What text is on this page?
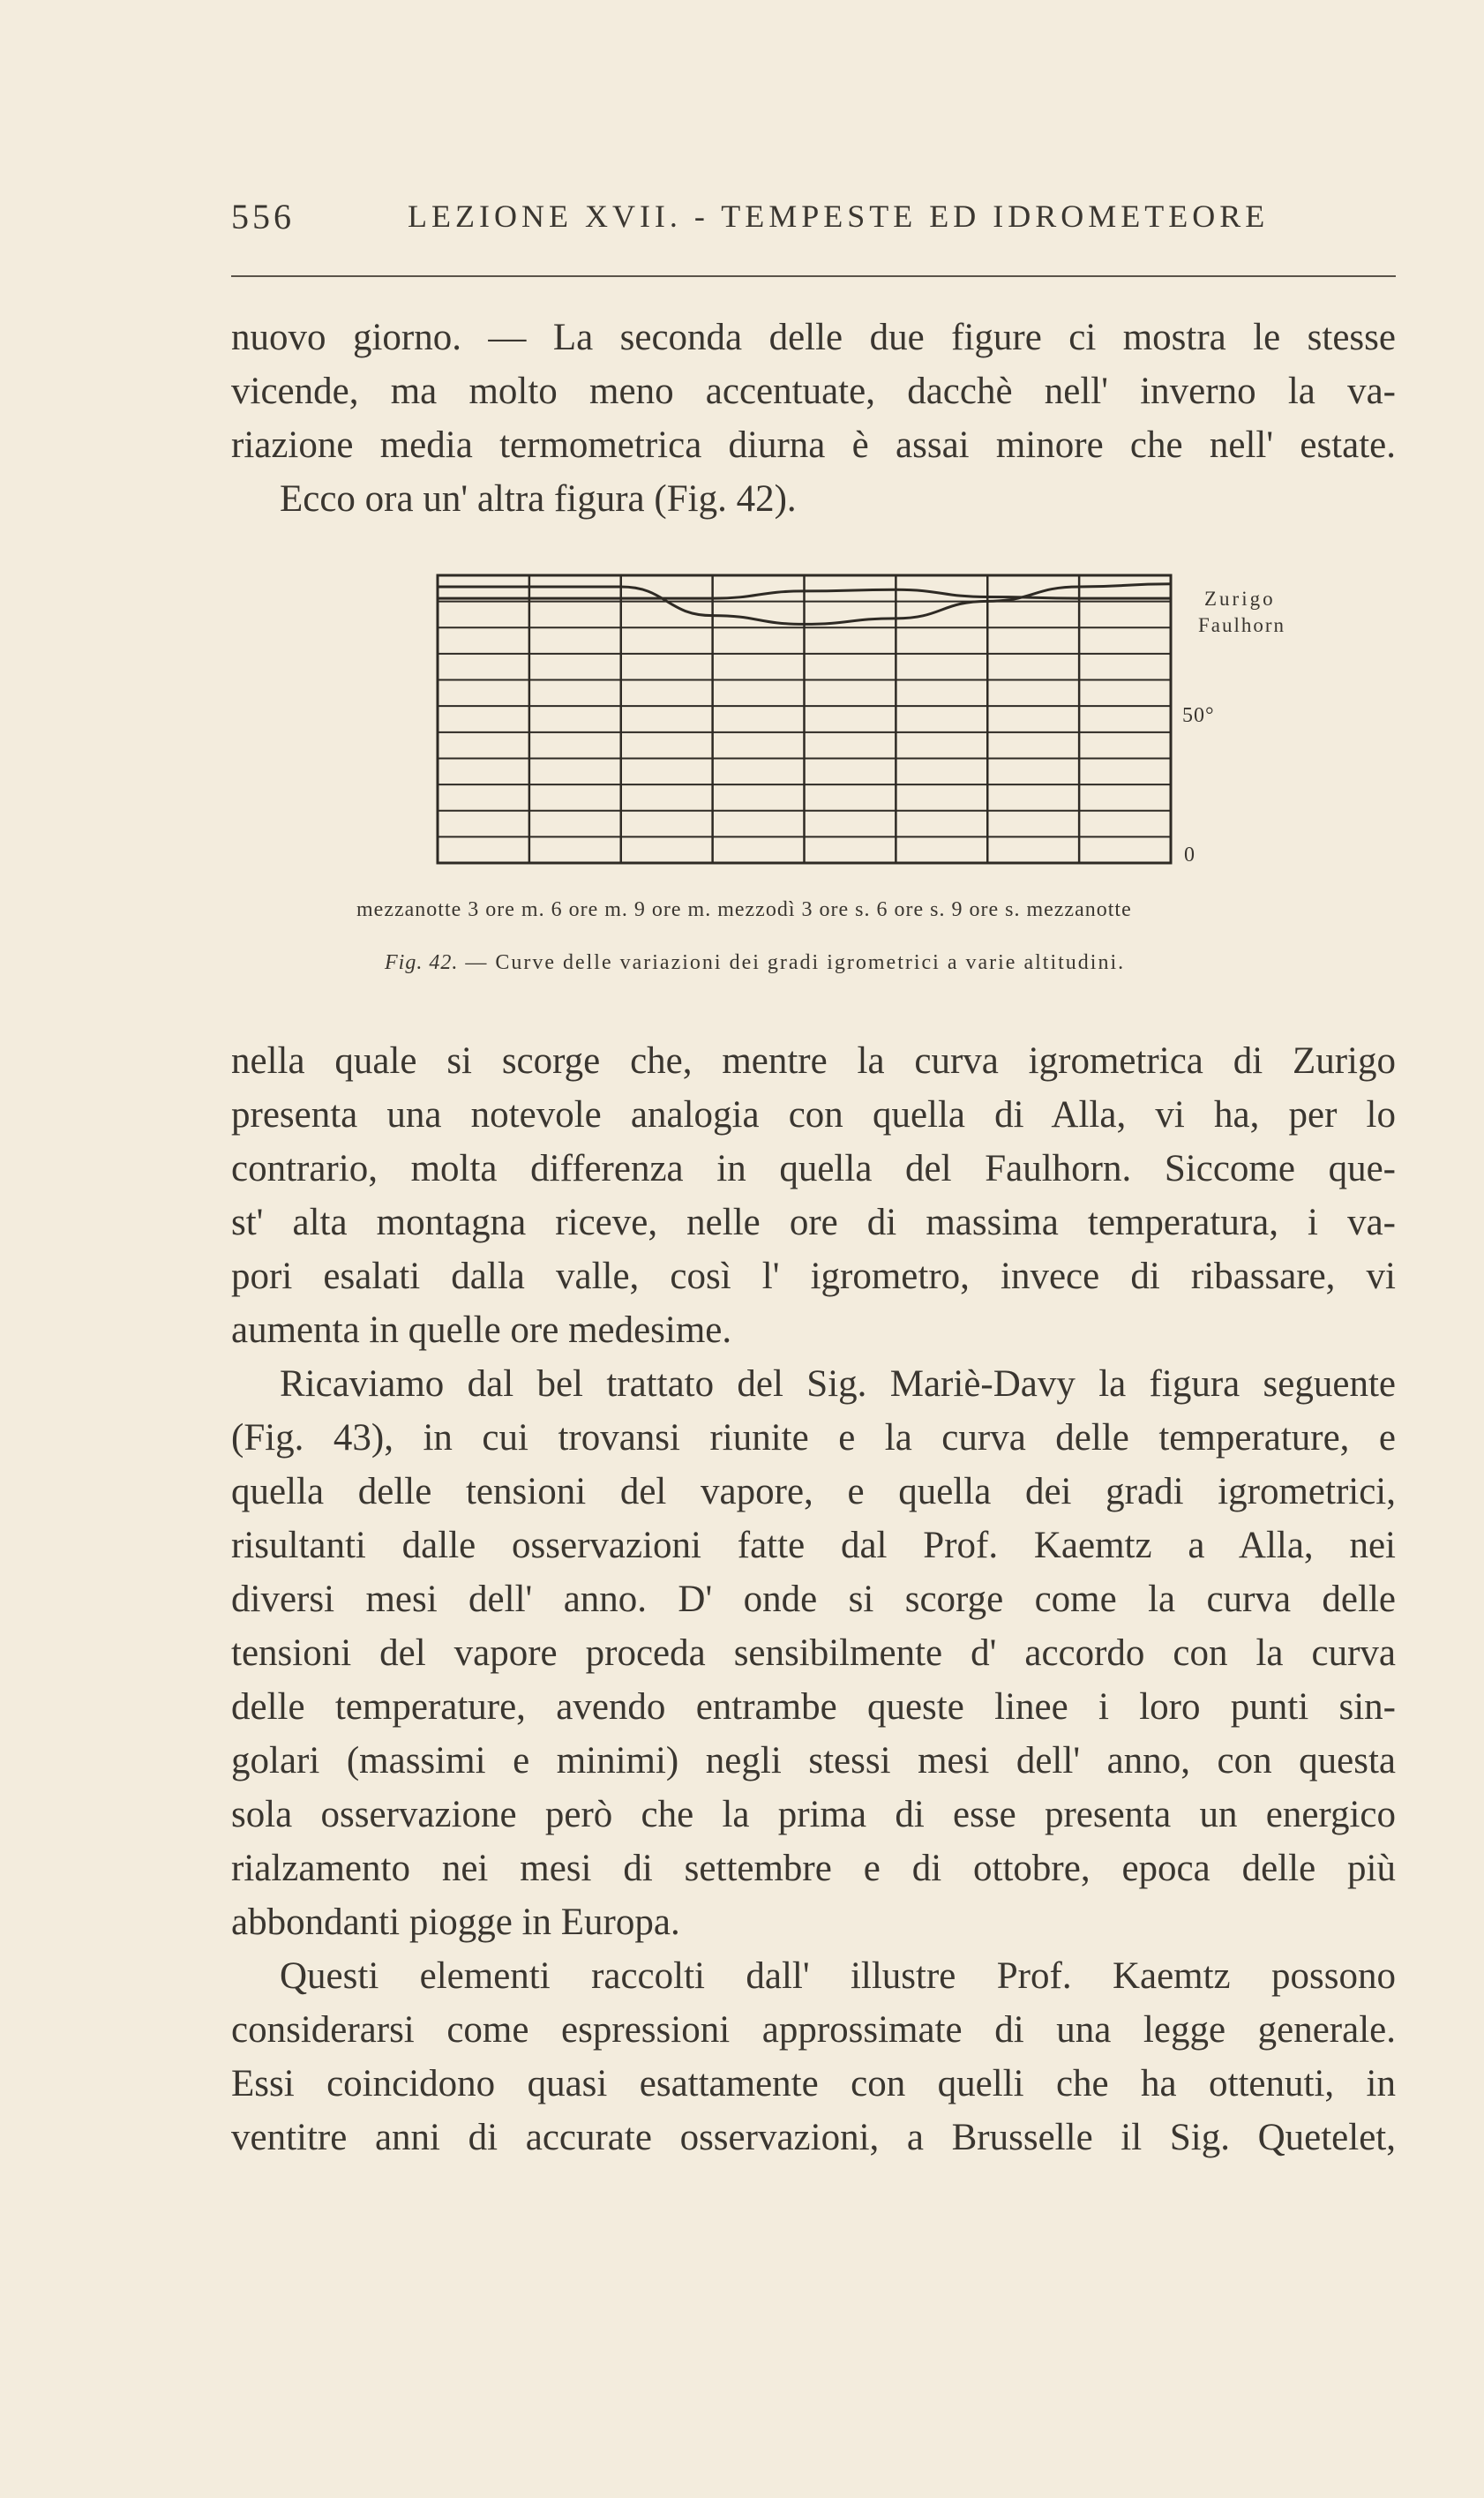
556	LEZIONE XVII. - TEMPESTE ED IDROMETEORE
nuovo giorno. — La seconda delle due figure ci mostra le stesse
vicende, ma molto meno accentuate, dacchè nell' inverno la va-
riazione media termometrica diurna è assai minore che nell' estate.
Ecco ora un' altra figura (Fig. 42).
Zurigo
Faulhorn
50°
0
mezzanotte 3 ore m. 6 ore m. 9 ore m. mezzodì 3 ore s. 6 ore s. 9 ore s. mezzanotte
Fig. 42. — Curve delle variazioni dei gradi igrometrici a varie altitudini.
nella quale si scorge che, mentre la curva igrometrica di Zurigo
presenta una notevole analogia con quella di Alla, vi ha, per lo
contrario, molta differenza in quella del Faulhorn. Siccome que-
st' alta montagna riceve, nelle ore di massima temperatura, i va-
pori esalati dalla valle, così l' igrometro, invece di ribassare, vi
aumenta in quelle ore medesime.
Ricaviamo dal bel trattato del Sig. Mariè-Davy la figura seguente
(Fig. 43), in cui trovansi riunite e la curva delle temperature, e
quella delle tensioni del vapore, e quella dei gradi igrometrici,
risultanti dalle osservazioni fatte dal Prof. Kaemtz a Alla, nei
diversi mesi dell' anno. D' onde si scorge come la curva delle
tensioni del vapore proceda sensibilmente d' accordo con la curva
delle temperature, avendo entrambe queste linee i loro punti sin-
golari (massimi e minimi) negli stessi mesi dell' anno, con questa
sola osservazione però che la prima di esse presenta un energico
rialzamento nei mesi di settembre e di ottobre, epoca delle più
abbondanti piogge in Europa.
Questi elementi raccolti dall' illustre Prof. Kaemtz possono
considerarsi come espressioni approssimate di una legge generale.
Essi coincidono quasi esattamente con quelli che ha ottenuti, in
ventitre anni di accurate osservazioni, a Brusselle il Sig. Quetelet,
